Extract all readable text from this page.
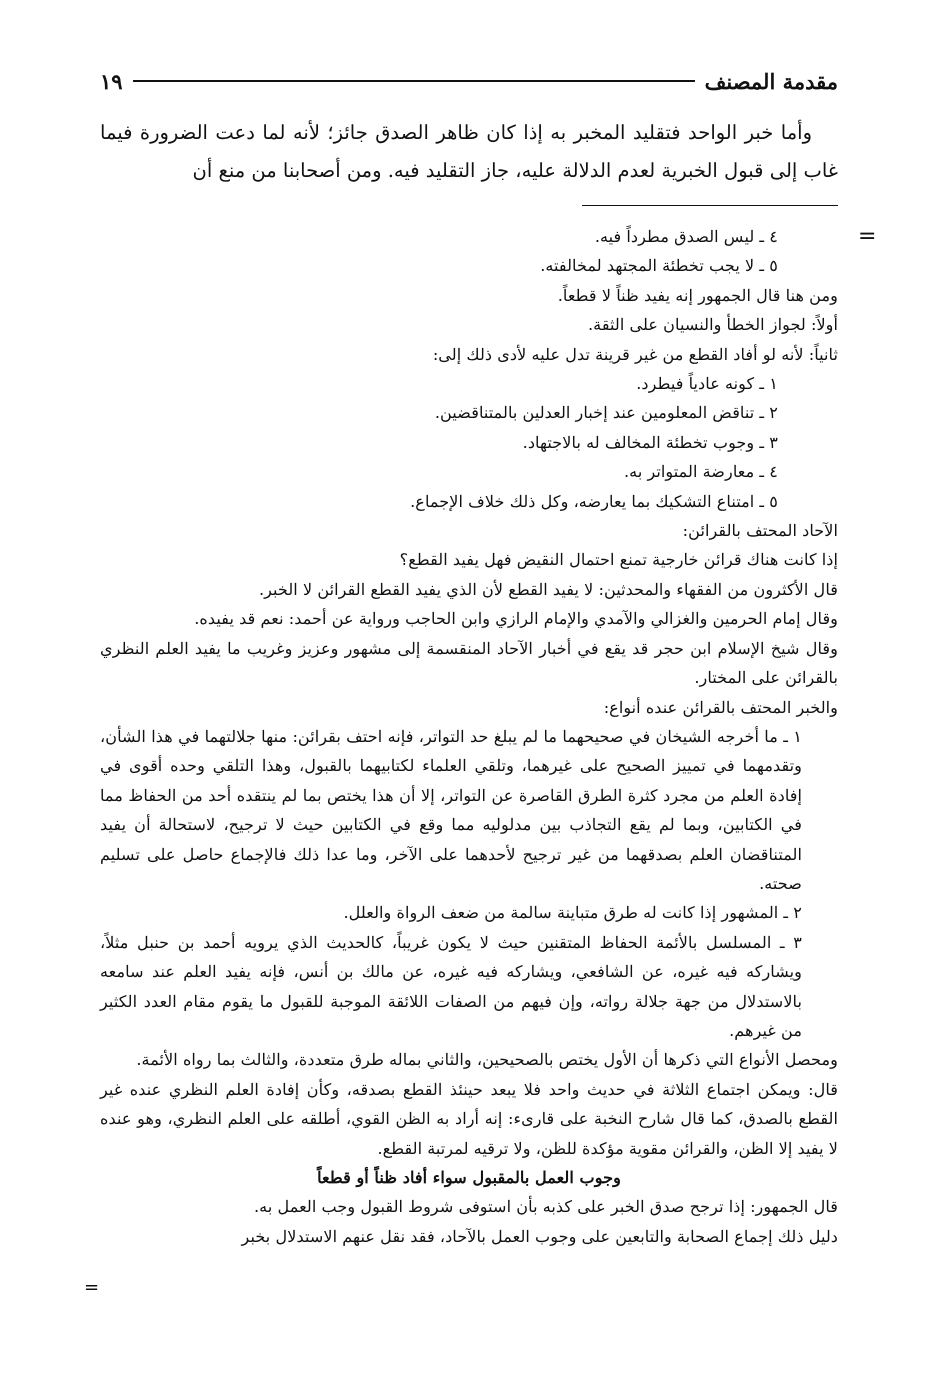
مقدمة المصنف
١٩

وأما خبر الواحد فتقليد المخبر به إذا كان ظاهر الصدق جائز؛ لأنه لما دعت الضرورة فيما غاب إلى قبول الخبرية لعدم الدلالة عليه، جاز التقليد فيه. ومن أصحابنا من منع أن

=

٤ ـ ليس الصدق مطرداً فيه.

٥ ـ لا يجب تخطئة المجتهد لمخالفته.

ومن هنا قال الجمهور إنه يفيد ظناً لا قطعاً.

أولاً: لجواز الخطأ والنسيان على الثقة.

ثانياً: لأنه لو أفاد القطع من غير قرينة تدل عليه لأدى ذلك إلى:

١ ـ كونه عادياً فيطرد.

٢ ـ تناقض المعلومين عند إخبار العدلين بالمتناقضين.

٣ ـ وجوب تخطئة المخالف له بالاجتهاد.

٤ ـ معارضة المتواتر به.

٥ ـ امتناع التشكيك بما يعارضه، وكل ذلك خلاف الإجماع.

الآحاد المحتف بالقرائن:

إذا كانت هناك قرائن خارجية تمنع احتمال النقيض فهل يفيد القطع؟

قال الأكثرون من الفقهاء والمحدثين: لا يفيد القطع لأن الذي يفيد القطع القرائن لا الخبر.

وقال إمام الحرمين والغزالي والآمدي والإمام الرازي وابن الحاجب ورواية عن أحمد: نعم قد يفيده.

وقال شيخ الإسلام ابن حجر قد يقع في أخبار الآحاد المنقسمة إلى مشهور وعزيز وغريب ما يفيد العلم النظري بالقرائن على المختار.

والخبر المحتف بالقرائن عنده أنواع:

١ ـ ما أخرجه الشيخان في صحيحهما ما لم يبلغ حد التواتر، فإنه احتف بقرائن: منها جلالتهما في هذا الشأن، وتقدمهما في تمييز الصحيح على غيرهما، وتلقي العلماء لكتابيهما بالقبول، وهذا التلقي وحده أقوى في إفادة العلم من مجرد كثرة الطرق القاصرة عن التواتر، إلا أن هذا يختص بما لم ينتقده أحد من الحفاظ مما في الكتابين، وبما لم يقع التجاذب بين مدلوليه مما وقع في الكتابين حيث لا ترجيح، لاستحالة أن يفيد المتناقضان العلم بصدقهما من غير ترجيح لأحدهما على الآخر، وما عدا ذلك فالإجماع حاصل على تسليم صحته.

٢ ـ المشهور إذا كانت له طرق متباينة سالمة من ضعف الرواة والعلل.

٣ ـ المسلسل بالأئمة الحفاظ المتقنين حيث لا يكون غريباً، كالحديث الذي يرويه أحمد بن حنبل مثلاً، ويشاركه فيه غيره، عن الشافعي، ويشاركه فيه غيره، عن مالك بن أنس، فإنه يفيد العلم عند سامعه بالاستدلال من جهة جلالة رواته، وإن فيهم من الصفات اللائقة الموجبة للقبول ما يقوم مقام العدد الكثير من غيرهم.

ومحصل الأنواع التي ذكرها أن الأول يختص بالصحيحين، والثاني بماله طرق متعددة، والثالث بما رواه الأئمة.

قال: ويمكن اجتماع الثلاثة في حديث واحد فلا يبعد حينئذ القطع بصدقه، وكأن إفادة العلم النظري عنده غير القطع بالصدق، كما قال شارح النخبة على قارىء: إنه أراد به الظن القوي، أطلقه على العلم النظري، وهو عنده لا يفيد إلا الظن، والقرائن مقوية مؤكدة للظن، ولا ترقيه لمرتبة القطع.

وجوب العمل بالمقبول سواء أفاد ظناً أو قطعاً

قال الجمهور: إذا ترجح صدق الخبر على كذبه بأن استوفى شروط القبول وجب العمل به.

دليل ذلك إجماع الصحابة والتابعين على وجوب العمل بالآحاد، فقد نقل عنهم الاستدلال بخبر

=
